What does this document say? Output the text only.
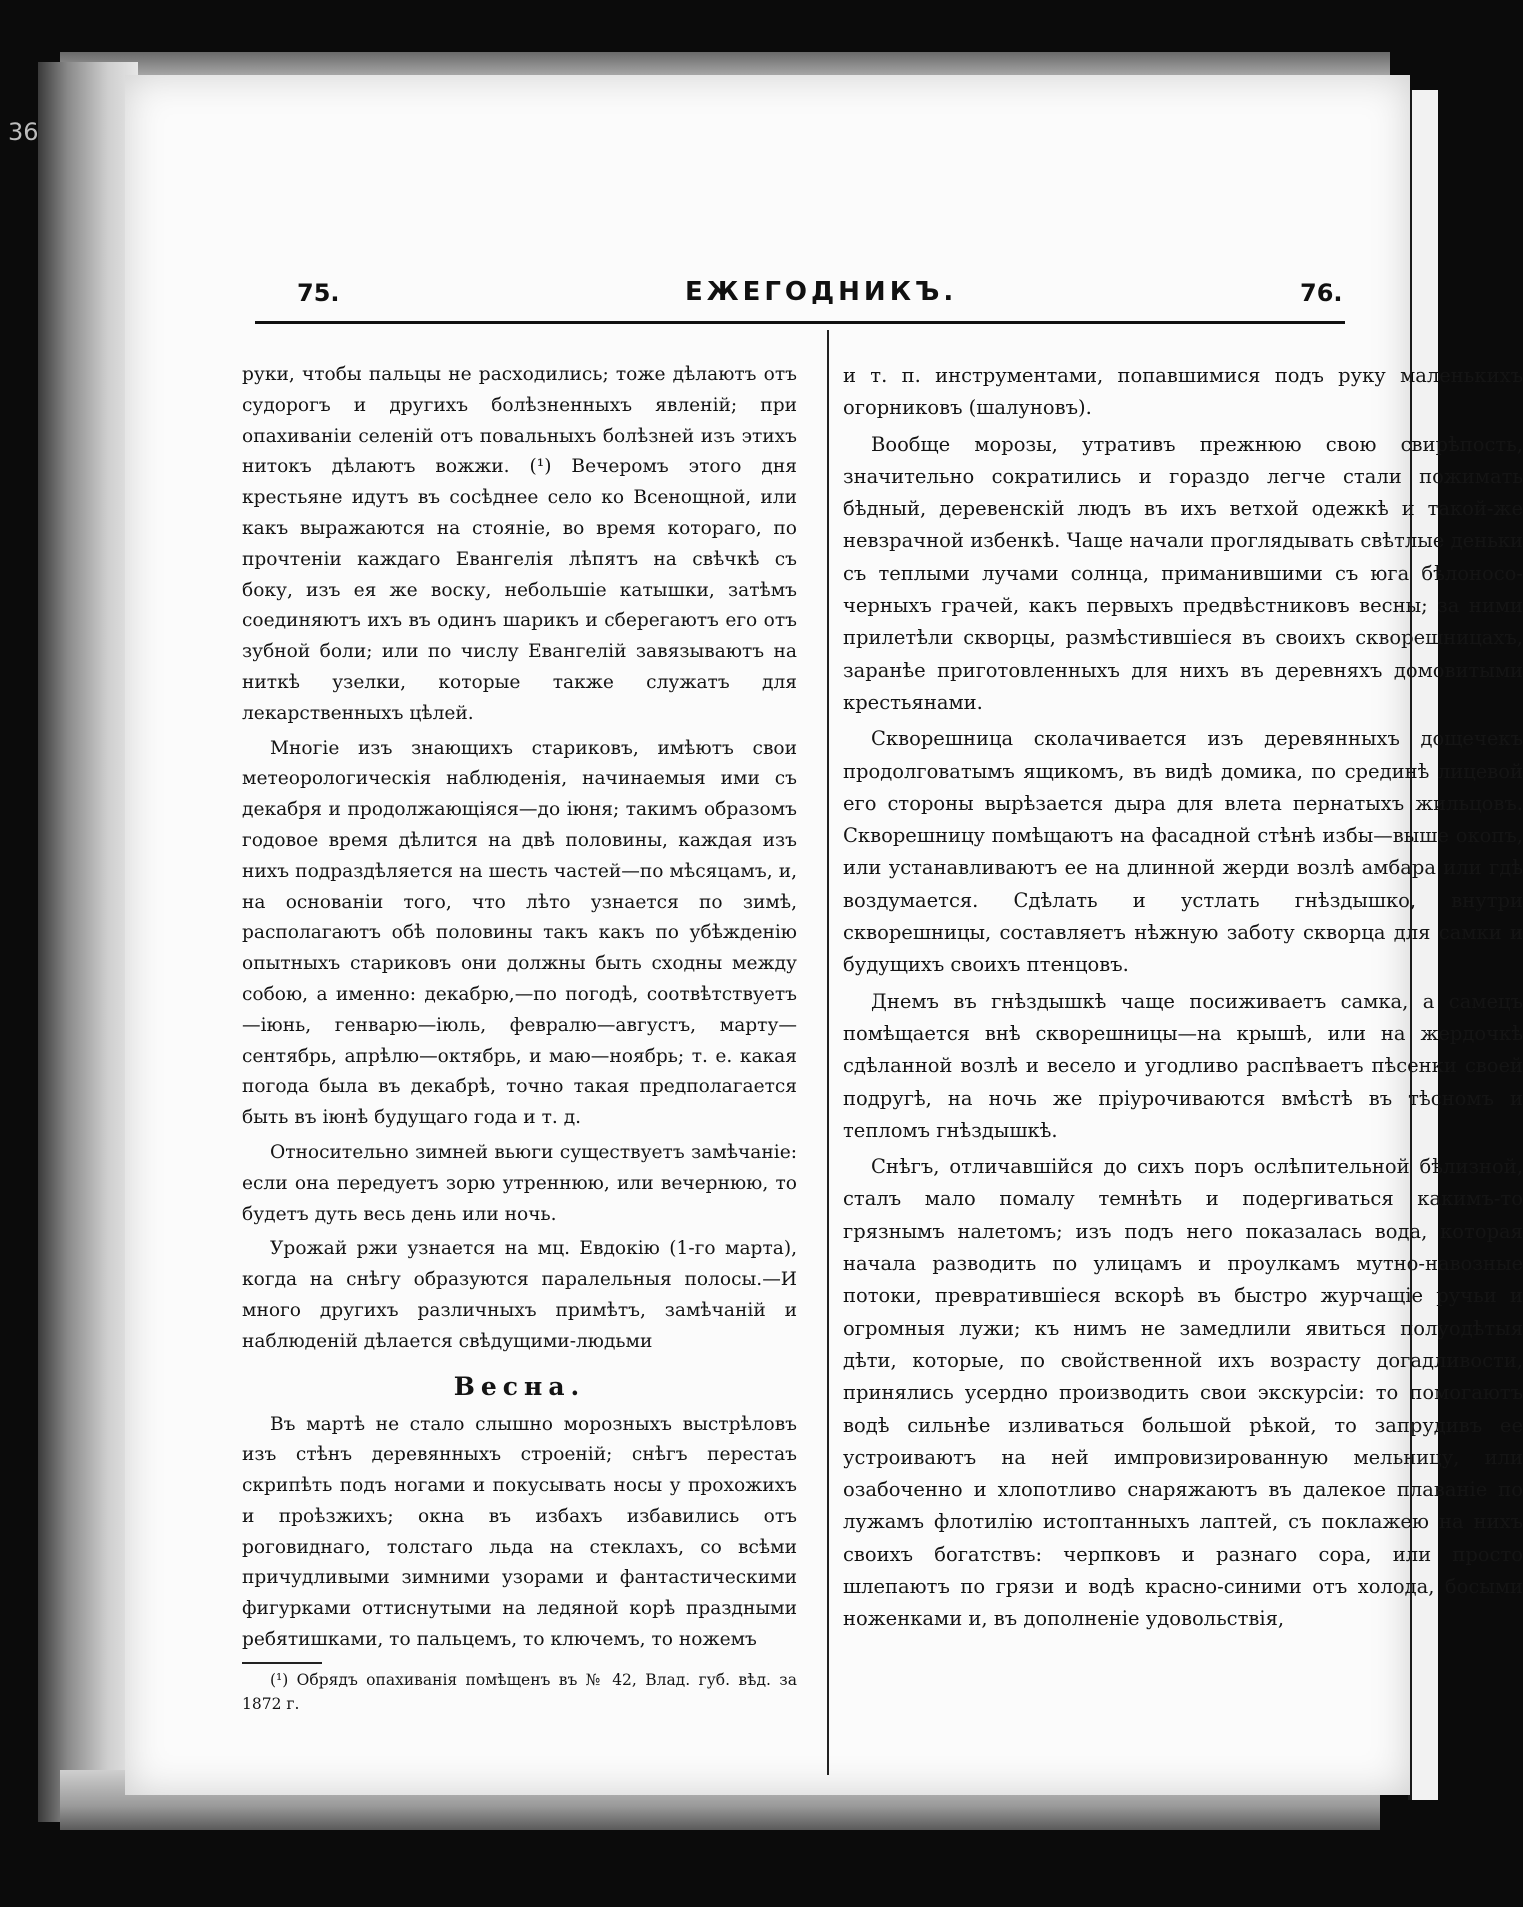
36
75.	ЕЖЕГОДНИКЪ.	76.

руки, чтобы пальцы не расходились; тоже дѣлаютъ отъ судорогъ и другихъ болѣзненныхъ явленій; при опахиваніи селеній отъ повальныхъ болѣзней изъ этихъ нитокъ дѣлаютъ вожжи. (¹) Вечеромъ этого дня крестьяне идутъ въ сосѣднее село ко Всенощной, или какъ выражаются на стояніе, во время котораго, по прочтеніи каждаго Евангелія лѣпятъ на свѣчкѣ съ боку, изъ ея же воску, небольшіе катышки, затѣмъ соединяютъ ихъ въ одинъ шарикъ и сберегаютъ его отъ зубной боли; или по числу Евангелій завязываютъ на ниткѣ узелки, которые также служатъ для лекарственныхъ цѣлей.

Многіе изъ знающихъ стариковъ, имѣютъ свои метеорологическія наблюденія, начинаемыя ими съ декабря и продолжающіяся—до іюня; такимъ образомъ годовое время дѣлится на двѣ половины, каждая изъ нихъ подраздѣляется на шесть частей—по мѣсяцамъ, и, на основаніи того, что лѣто узнается по зимѣ, располагаютъ обѣ половины такъ какъ по убѣжденію опытныхъ стариковъ они должны быть сходны между собою, а именно: декабрю,—по погодѣ, соотвѣтствуетъ—іюнь, генварю—іюль, февралю—августъ, марту—сентябрь, апрѣлю—октябрь, и маю—ноябрь; т. е. какая погода была въ декабрѣ, точно такая предполагается быть въ іюнѣ будущаго года и т. д.

Относительно зимней вьюги существуетъ замѣчаніе: если она передуетъ зорю утреннюю, или вечернюю, то будетъ дуть весь день или ночь.

Урожай ржи узнается на мц. Евдокію (1-го марта), когда на снѣгу образуются паралельныя полосы.—И много другихъ различныхъ примѣтъ, замѣчаній и наблюденій дѣлается свѣдущими-людьми

Весна.

Въ мартѣ не стало слышно морозныхъ выстрѣловъ изъ стѣнъ деревянныхъ строеній; снѣгъ перестаъ скрипѣть подъ ногами и покусывать носы у прохожихъ и проѣзжихъ; окна въ избахъ избавились отъ роговиднаго, толстаго льда на стеклахъ, со всѣми причудливыми зимними узорами и фантастическими фигурками оттиснутыми на ледяной корѣ праздными ребятишками, то пальцемъ, то ключемъ, то ножемъ

(¹) Обрядъ опахиванія помѣщенъ въ № 42, Влад. губ. вѣд. за 1872 г.

и т. п. инструментами, попавшимися подъ руку маленькихъ огорниковъ (шалуновъ).

Вообще морозы, утративъ прежнюю свою свирѣпость, значительно сократились и гораздо легче стали пожимать бѣдный, деревенскій людъ въ ихъ ветхой одежкѣ и такой-же невзрачной избенкѣ. Чаще начали проглядывать свѣтлые деньки съ теплыми лучами солнца, приманившими съ юга бѣлоносо-черныхъ грачей, какъ первыхъ предвѣстниковъ весны; за ними прилетѣли скворцы, размѣстившіеся въ своихъ скворешницахъ, заранѣе приготовленныхъ для нихъ въ деревняхъ домовитыми крестьянами.

Скворешница сколачивается изъ деревянныхъ дощечекъ продолговатымъ ящикомъ, въ видѣ домика, по срединѣ лицевой его стороны вырѣзается дыра для влета пернатыхъ жильцовъ. Скворешницу помѣщаютъ на фасадной стѣнѣ избы—выше окопъ, или устанавливаютъ ее на длинной жерди возлѣ амбара или гдѣ воздумается. Сдѣлать и устлать гнѣздышко, внутри скворешницы, составляетъ нѣжную заботу скворца для самки и будущихъ своихъ птенцовъ.

Днемъ въ гнѣздышкѣ чаще посиживаетъ самка, а самецъ помѣщается внѣ скворешницы—на крышѣ, или на жердочкѣ сдѣланной возлѣ и весело и угодливо распѣваетъ пѣсенки своей подругѣ, на ночь же пріурочиваются вмѣстѣ въ тѣсномъ и тепломъ гнѣздышкѣ.

Снѣгъ, отличавшійся до сихъ поръ ослѣпительной бѣлизной, сталъ мало помалу темнѣть и подергиваться какимъ-то грязнымъ налетомъ; изъ подъ него показалась вода, которая начала разводить по улицамъ и проулкамъ мутно-навозные потоки, превратившіеся вскорѣ въ быстро журчащіе ручьи и огромныя лужи; къ нимъ не замедлили явиться полуодѣтыя дѣти, которые, по свойственной ихъ возрасту догадливости, принялись усердно производить свои экскурсіи: то помогаютъ водѣ сильнѣе изливаться большой рѣкой, то запрудивъ ее устроиваютъ на ней импровизированную мельницу, или озабоченно и хлопотливо снаряжаютъ въ далекое плаваніе по лужамъ флотилію истоптанныхъ лаптей, съ поклажею на нихъ своихъ богатствъ: черпковъ и разнаго сора, или просто шлепаютъ по грязи и водѣ красно-синими отъ холода, босыми ноженками и, въ дополненіе удовольствія,
